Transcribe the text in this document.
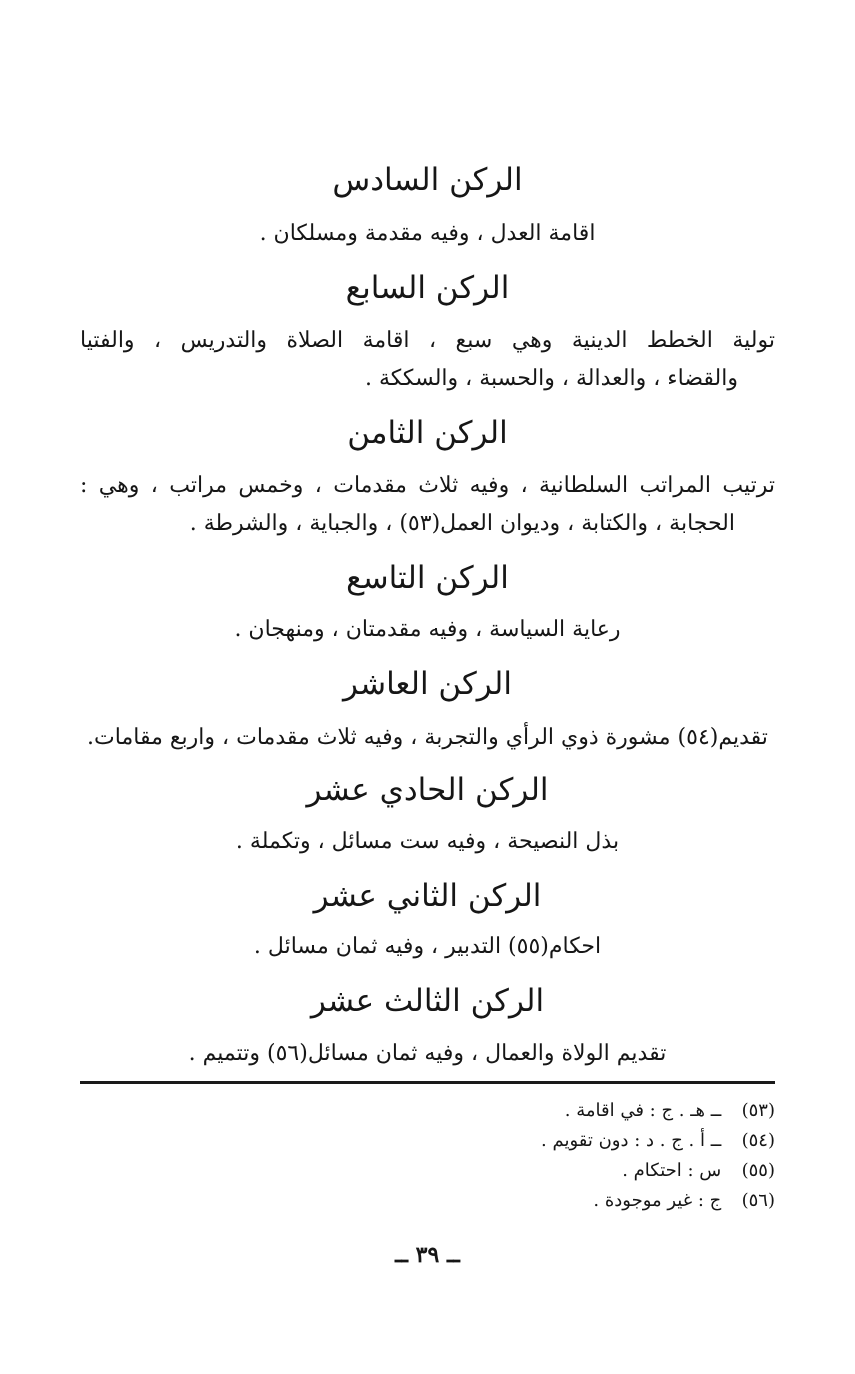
الركن السادس
اقامة العدل ، وفيه مقدمة ومسلكان .
الركن السابع
تولية الخطط الدينية وهي سبع ، اقامة الصلاة والتدريس ، والفتيا
والقضاء ، والعدالة ، والحسبة ، والسككة .
الركن الثامن
ترتيب المراتب السلطانية ، وفيه ثلاث مقدمات ، وخمس مراتب ، وهي :
الحجابة ، والكتابة ، وديوان العمل(٥٣) ، والجباية ، والشرطة .
الركن التاسع
رعاية السياسة ، وفيه مقدمتان ، ومنهجان .
الركن العاشر
تقديم(٥٤) مشورة ذوي الرأي والتجربة ، وفيه ثلاث مقدمات ، واربع مقامات.
الركن الحادي عشر
بذل النصيحة ، وفيه ست مسائل ، وتكملة .
الركن الثاني عشر
احكام(٥٥) التدبير ، وفيه ثمان مسائل .
الركن الثالث عشر
تقديم الولاة والعمال ، وفيه ثمان مسائل(٥٦) وتتميم .
(٥٣) ــ هـ . ج : في اقامة .
(٥٤) ــ أ . ج . د : دون تقويم .
(٥٥) س : احتكام .
(٥٦) ج : غير موجودة .
ــ ٣٩ ــ
